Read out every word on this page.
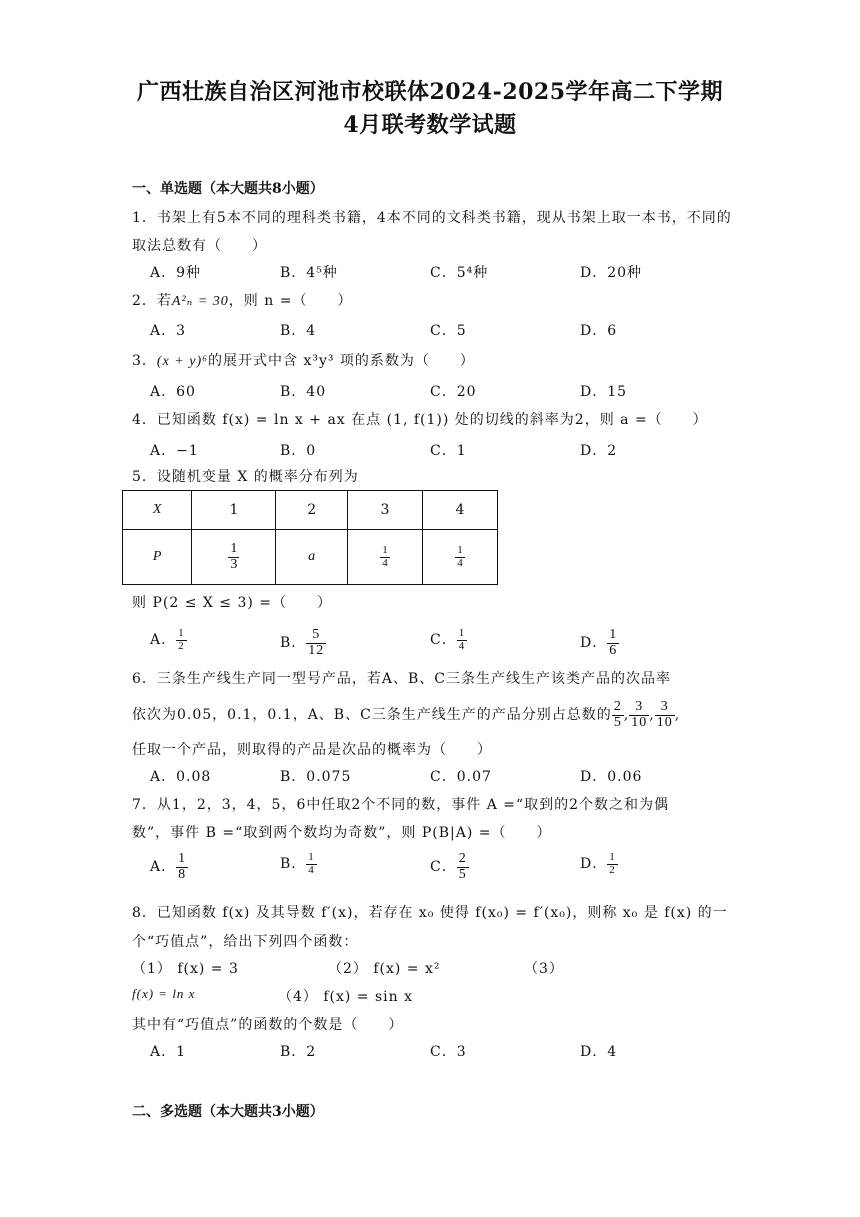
广西壮族自治区河池市校联体2024-2025学年高二下学期
4月联考数学试题
一、单选题（本大题共8小题）
1．书架上有5本不同的理科类书籍，4本不同的文科类书籍，现从书架上取一本书，不同的取法总数有（　　）
A．9种	B．4⁵种	C．5⁴种	D．20种
2．若A²ₙ = 30，则 n =（　　）
A．3	B．4	C．5	D．6
3．(x + y)⁶的展开式中含 x³y³ 项的系数为（　　）
A．60	B．40	C．20	D．15
4．已知函数 f(x) = ln x + ax 在点 (1, f(1)) 处的切线的斜率为2，则 a =（　　）
A．−1	B．0	C．1	D．2
5．设随机变量 X 的概率分布列为
X	1	2	3	4
P	$\frac{1}{3}$	a	$\frac{1}{4}$	$\frac{1}{4}$
则 P(2 ≤ X ≤ 3) =（　　）
A． $\frac{1}{2}$	B． $\frac{5}{12}$	C． $\frac{1}{4}$	D． $\frac{1}{6}$
6．三条生产线生产同一型号产品，若A、B、C三条生产线生产该类产品的次品率
依次为0.05，0.1，0.1，A、B、C三条生产线生产的产品分别占总数的 $\frac{2}{5}$ , $\frac{3}{10}$ , $\frac{3}{10}$ ,
任取一个产品，则取得的产品是次品的概率为（　　）
A．0.08	B．0.075	C．0.07	D．0.06
7．从1，2，3，4，5，6中任取2个不同的数，事件 A =“取到的2个数之和为偶
数”，事件 B =“取到两个数均为奇数”，则 P(B|A) =（　　）
A． $\frac{1}{8}$	B． $\frac{1}{4}$	C． $\frac{2}{5}$	D． $\frac{1}{2}$
8．已知函数 f(x) 及其导数 f′(x)，若存在 x₀ 使得 f(x₀) = f′(x₀)，则称 x₀ 是 f(x) 的一
个“巧值点”，给出下列四个函数：
（1） f(x) = 3	（2） f(x) = x²	（3）
f(x) = ln x	（4） f(x) = sin x
其中有“巧值点”的函数的个数是（　　）
A．1	B．2	C．3	D．4
二、多选题（本大题共3小题）
